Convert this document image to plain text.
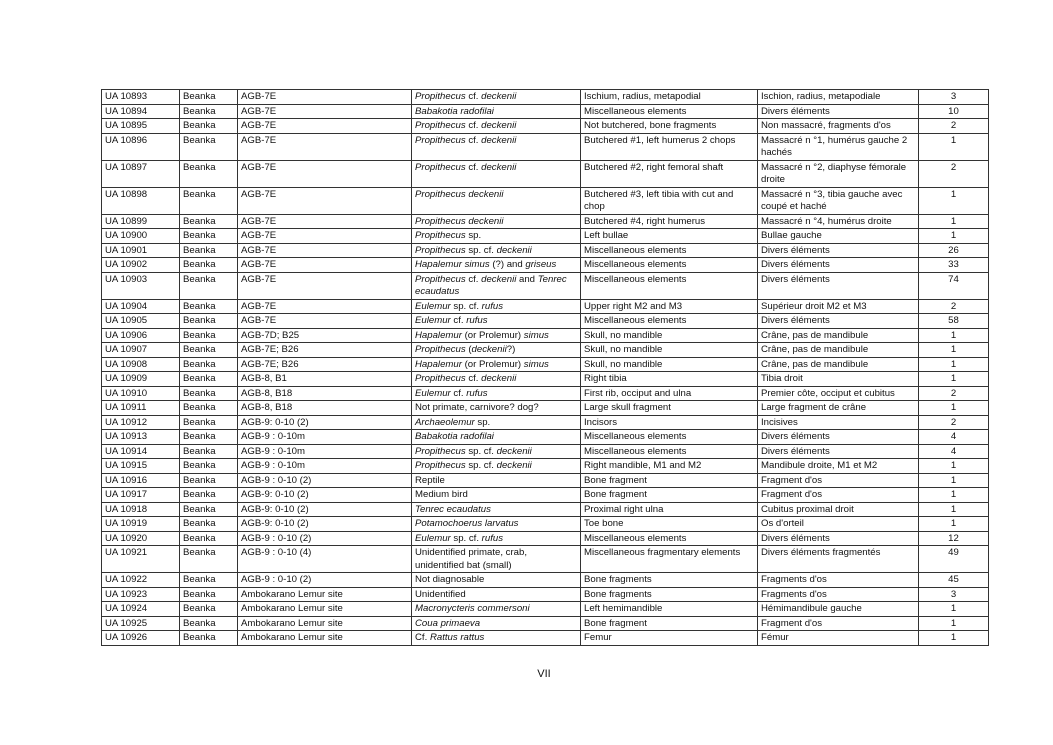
UA 10893	Beanka	AGB-7E	Propithecus cf. deckenii	Ischium, radius, metapodial	Ischion, radius, metapodiale	3
UA 10894	Beanka	AGB-7E	Babakotia radofilai	Miscellaneous elements	Divers éléments	10
UA 10895	Beanka	AGB-7E	Propithecus cf. deckenii	Not butchered, bone fragments	Non massacré, fragments d'os	2
UA 10896	Beanka	AGB-7E	Propithecus cf. deckenii	Butchered #1, left humerus 2 chops	Massacré n °1, humérus gauche 2 hachés	1
UA 10897	Beanka	AGB-7E	Propithecus cf. deckenii	Butchered #2, right femoral shaft	Massacré n °2, diaphyse fémorale droite	2
UA 10898	Beanka	AGB-7E	Propithecus deckenii	Butchered #3, left tibia with cut and chop	Massacré n °3, tibia gauche avec coupé et haché	1
UA 10899	Beanka	AGB-7E	Propithecus deckenii	Butchered #4, right humerus	Massacré n °4, humérus droite	1
UA 10900	Beanka	AGB-7E	Propithecus sp.	Left bullae	Bullae gauche	1
UA 10901	Beanka	AGB-7E	Propithecus sp. cf. deckenii	Miscellaneous elements	Divers éléments	26
UA 10902	Beanka	AGB-7E	Hapalemur simus (?) and griseus	Miscellaneous elements	Divers éléments	33
UA 10903	Beanka	AGB-7E	Propithecus cf. deckenii and Tenrec ecaudatus	Miscellaneous elements	Divers éléments	74
UA 10904	Beanka	AGB-7E	Eulemur sp. cf. rufus	Upper right M2 and M3	Supérieur droit M2 et M3	2
UA 10905	Beanka	AGB-7E	Eulemur cf. rufus	Miscellaneous elements	Divers éléments	58
UA 10906	Beanka	AGB-7D; B25	Hapalemur (or Prolemur) simus	Skull, no mandible	Crâne, pas de mandibule	1
UA 10907	Beanka	AGB-7E; B26	Propithecus (deckenii?)	Skull, no mandible	Crâne, pas de mandibule	1
UA 10908	Beanka	AGB-7E; B26	Hapalemur (or Prolemur) simus	Skull, no mandible	Crâne, pas de mandibule	1
UA 10909	Beanka	AGB-8, B1	Propithecus cf. deckenii	Right tibia	Tibia droit	1
UA 10910	Beanka	AGB-8, B18	Eulemur cf. rufus	First rib, occiput and ulna	Premier côte, occiput et cubitus	2
UA 10911	Beanka	AGB-8, B18	Not primate, carnivore? dog?	Large skull fragment	Large fragment de crâne	1
UA 10912	Beanka	AGB-9: 0-10 (2)	Archaeolemur sp.	Incisors	Incisives	2
UA 10913	Beanka	AGB-9 : 0-10m	Babakotia radofilai	Miscellaneous elements	Divers éléments	4
UA 10914	Beanka	AGB-9 : 0-10m	Propithecus sp. cf. deckenii	Miscellaneous elements	Divers éléments	4
UA 10915	Beanka	AGB-9 : 0-10m	Propithecus sp. cf. deckenii	Right mandible, M1 and M2	Mandibule droite, M1 et M2	1
UA 10916	Beanka	AGB-9 : 0-10 (2)	Reptile	Bone fragment	Fragment d'os	1
UA 10917	Beanka	AGB-9: 0-10 (2)	Medium bird	Bone fragment	Fragment d'os	1
UA 10918	Beanka	AGB-9: 0-10 (2)	Tenrec ecaudatus	Proximal right ulna	Cubitus proximal droit	1
UA 10919	Beanka	AGB-9: 0-10 (2)	Potamochoerus larvatus	Toe bone	Os d'orteil	1
UA 10920	Beanka	AGB-9 : 0-10 (2)	Eulemur sp. cf. rufus	Miscellaneous elements	Divers éléments	12
UA 10921	Beanka	AGB-9 : 0-10 (4)	Unidentified primate, crab, unidentified bat (small)	Miscellaneous fragmentary elements	Divers éléments fragmentés	49
UA 10922	Beanka	AGB-9 : 0-10 (2)	Not diagnosable	Bone fragments	Fragments d'os	45
UA 10923	Beanka	Ambokarano Lemur site	Unidentified	Bone fragments	Fragments d'os	3
UA 10924	Beanka	Ambokarano Lemur site	Macronycteris commersoni	Left hemimandible	Hémimandibule gauche	1
UA 10925	Beanka	Ambokarano Lemur site	Coua primaeva	Bone fragment	Fragment d'os	1
UA 10926	Beanka	Ambokarano Lemur site	Cf. Rattus rattus	Femur	Fémur	1
VII
